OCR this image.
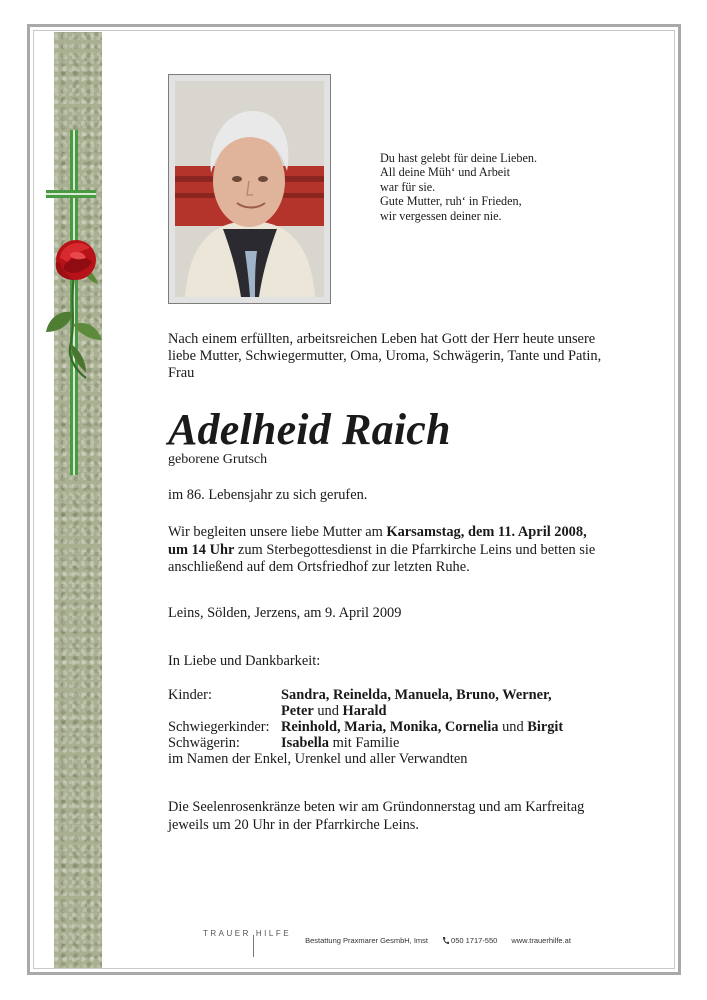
Du hast gelebt für deine Lieben.
All deine Müh‘ und Arbeit
war für sie.
Gute Mutter, ruh‘ in Frieden,
wir vergessen deiner nie.

Nach einem erfüllten, arbeitsreichen Leben hat Gott der Herr heute unsere liebe Mutter, Schwiegermutter, Oma, Uroma, Schwägerin, Tante und Patin, Frau

Adelheid Raich

geborene Grutsch

im 86. Lebensjahr zu sich gerufen.

Wir begleiten unsere liebe Mutter am Karsamstag, dem 11. April 2008,
um 14 Uhr zum Sterbegottesdienst in die Pfarrkirche Leins und betten sie anschließend auf dem Ortsfriedhof zur letzten Ruhe.

Leins, Sölden, Jerzens, am 9. April 2009

In Liebe und Dankbarkeit:

Kinder:	Sandra, Reinelda, Manuela, Bruno, Werner,
Peter und Harald
Schwiegerkinder: Reinhold, Maria, Monika, Cornelia und Birgit
Schwägerin:	Isabella mit Familie

im Namen der Enkel, Urenkel und aller Verwandten

Die Seelenrosenkränze beten wir am Gründonnerstag und am Karfreitag jeweils um 20 Uhr in der Pfarrkirche Leins.

TRAUER HILFE
Bestattung Praxmarer GesmbH, Imst	050 1717-550 www.trauerhilfe.at
